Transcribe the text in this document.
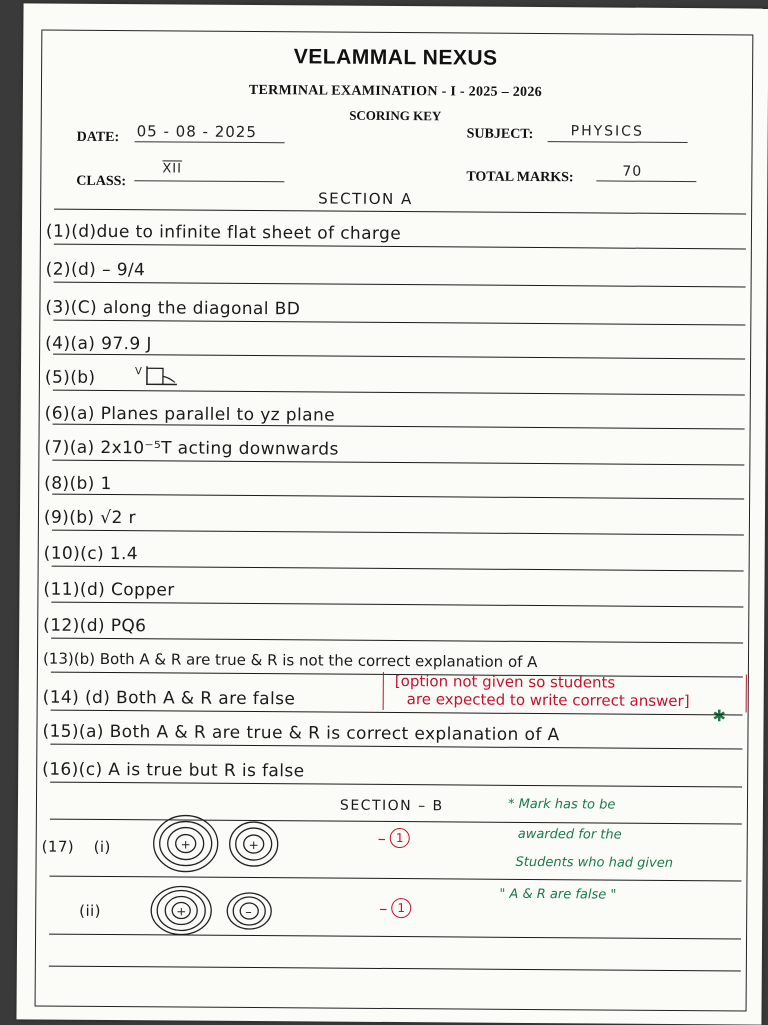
VELAMMAL NEXUS
TERMINAL EXAMINATION - I - 2025 – 2026
SCORING KEY
DATE: 05 - 08 - 2025	SUBJECT:	PHYSICS
CLASS:
$\overline{XII}$
TOTAL MARKS:	70
SECTION A
(1)(d)due to infinite flat sheet of charge
(2)(d) – 9/4
(3)(C) along the diagonal BD
(4)(a) 97.9 J
(5)(b)	V
(6)(a) Planes parallel to yz plane
(7)(a) 2x10⁻⁵T acting downwards
(8)(b) 1
(9)(b) √2 r
(10)(c) 1.4
(11)(d) Copper
(12)(d) PQ6
(13)(b) Both A & R are true & R is not the correct explanation of A
(14) (d) Both A & R are false
[option not given so students
are expected to write correct answer]
✱
(15)(a) Both A & R are true & R is correct explanation of A
(16)(c) A is true but R is false
SECTION – B	* Mark has to be
(17) (i)	+	+	– 1	awarded for the
Students who had given
(ii)	+	–	– 1
" A & R are false "
